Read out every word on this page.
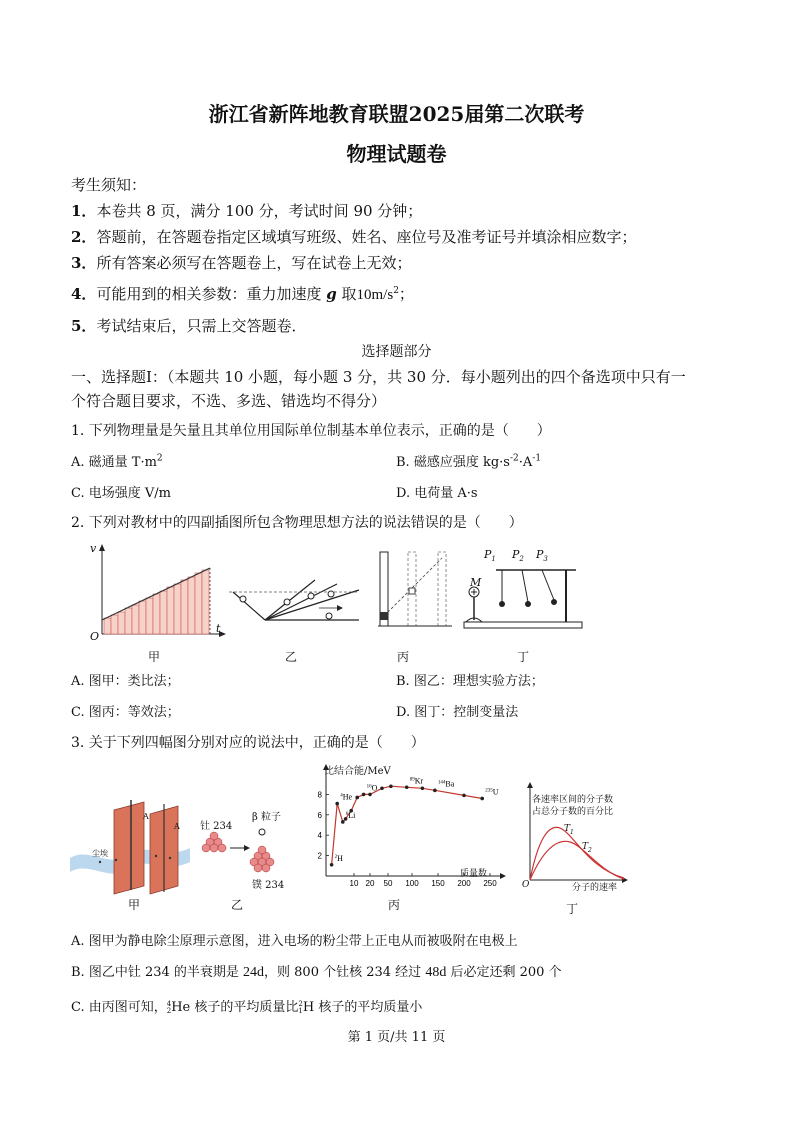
浙江省新阵地教育联盟2025届第二次联考
物理试题卷
考生须知：
1．本卷共 8 页，满分 100 分，考试时间 90 分钟；
2．答题前，在答题卷指定区域填写班级、姓名、座位号及准考证号并填涂相应数字；
3．所有答案必须写在答题卷上，写在试卷上无效；
4．可能用到的相关参数：重力加速度 g 取$10m/s^2$；
5．考试结束后，只需上交答题卷．
选择题部分
一、选择题Ⅰ：（本题共 10 小题，每小题 3 分，共 30 分．每小题列出的四个备选项中只有一
个符合题目要求，不选、多选、错选均不得分）
1. 下列物理量是矢量且其单位用国际单位制基本单位表示，正确的是（　　）
A. 磁通量 $T\cdot m^2$	B. 磁感应强度 $kg\cdot s^{-2}\cdot A^{-1}$
C. 电场强度 V/m	D. 电荷量 A·s
2. 下列对教材中的四副插图所包含物理思想方法的说法错误的是（　　）
v
t
O
甲	乙	丙
$P_1$ $P_2$ $P_3$
M
丁
A. 图甲：类比法；	B. 图乙：理想实验方法；
C. 图丙：等效法；	D. 图丁：控制变量法
3. 关于下列四幅图分别对应的说法中，正确的是（　　）
尘埃
A
A
甲
钍 234
β 粒子
镤 234
乙
比结合能/MeV
10 20 50 100 150 200 250
2
4
6
8
$^2$H
$^4$He
$^6$Li
$^{16}$O
$^{89}$Kr	$^{144}$Ba
$^{235}$U
质量数
丙
各速率区间的分子数
占总分子数的百分比
$T_1$
$T_2$
分子的速率
O
丁
A. 图甲为静电除尘原理示意图，进入电场的粉尘带上正电从而被吸附在电极上
B. 图乙中钍 234 的半衰期是 24d，则 800 个钍核 234 经过 48d 后必定还剩 200 个
C. 由丙图可知，4
2He 核子的平均质量比2
1H 核子的平均质量小
第 1 页/共 11 页
